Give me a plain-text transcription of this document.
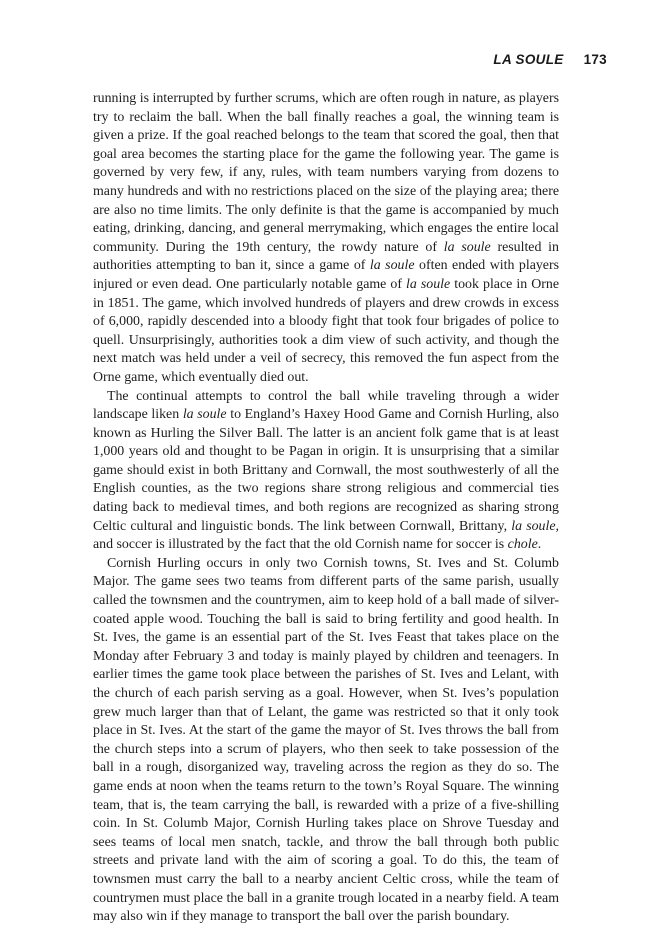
LA SOULE 173

running is interrupted by further scrums, which are often rough in nature, as players try to reclaim the ball. When the ball finally reaches a goal, the winning team is given a prize. If the goal reached belongs to the team that scored the goal, then that goal area becomes the starting place for the game the following year. The game is governed by very few, if any, rules, with team numbers varying from dozens to many hundreds and with no restrictions placed on the size of the playing area; there are also no time limits. The only definite is that the game is accompanied by much eating, drinking, dancing, and general merrymaking, which engages the entire local community. During the 19th century, the rowdy nature of la soule resulted in authorities attempting to ban it, since a game of la soule often ended with players injured or even dead. One particularly notable game of la soule took place in Orne in 1851. The game, which involved hundreds of players and drew crowds in excess of 6,000, rapidly descended into a bloody fight that took four brigades of police to quell. Unsurprisingly, authorities took a dim view of such activity, and though the next match was held under a veil of secrecy, this removed the fun aspect from the Orne game, which eventually died out.

The continual attempts to control the ball while traveling through a wider landscape liken la soule to England’s Haxey Hood Game and Cornish Hurling, also known as Hurling the Silver Ball. The latter is an ancient folk game that is at least 1,000 years old and thought to be Pagan in origin. It is unsurprising that a similar game should exist in both Brittany and Cornwall, the most southwesterly of all the English counties, as the two regions share strong religious and commercial ties dating back to medieval times, and both regions are recognized as sharing strong Celtic cultural and linguistic bonds. The link between Cornwall, Brittany, la soule, and soccer is illustrated by the fact that the old Cornish name for soccer is chole.

Cornish Hurling occurs in only two Cornish towns, St. Ives and St. Columb Major. The game sees two teams from different parts of the same parish, usually called the townsmen and the countrymen, aim to keep hold of a ball made of silver-coated apple wood. Touching the ball is said to bring fertility and good health. In St. Ives, the game is an essential part of the St. Ives Feast that takes place on the Monday after February 3 and today is mainly played by children and teenagers. In earlier times the game took place between the parishes of St. Ives and Lelant, with the church of each parish serving as a goal. However, when St. Ives’s population grew much larger than that of Lelant, the game was restricted so that it only took place in St. Ives. At the start of the game the mayor of St. Ives throws the ball from the church steps into a scrum of players, who then seek to take possession of the ball in a rough, disorganized way, traveling across the region as they do so. The game ends at noon when the teams return to the town’s Royal Square. The winning team, that is, the team carrying the ball, is rewarded with a prize of a five-shilling coin. In St. Columb Major, Cornish Hurling takes place on Shrove Tuesday and sees teams of local men snatch, tackle, and throw the ball through both public streets and private land with the aim of scoring a goal. To do this, the team of townsmen must carry the ball to a nearby ancient Celtic cross, while the team of countrymen must place the ball in a granite trough located in a nearby field. A team may also win if they manage to transport the ball over the parish boundary.
